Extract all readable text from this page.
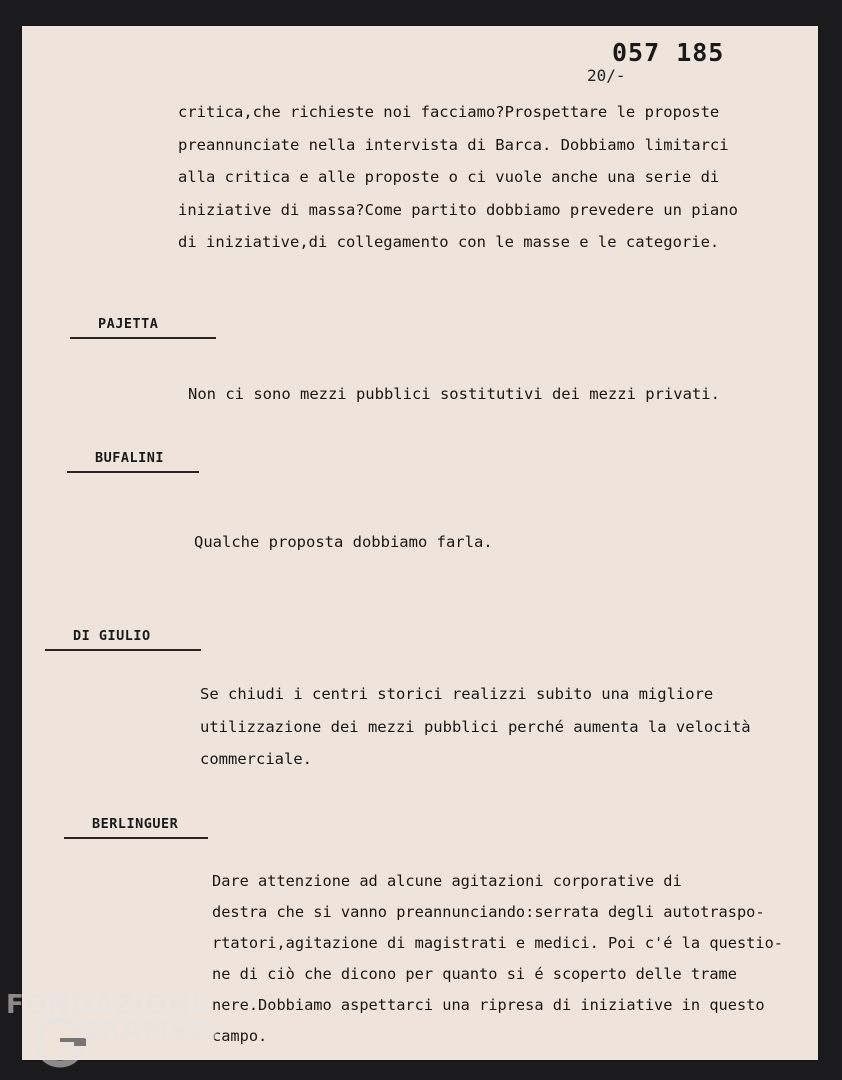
057 185
20/-
critica,che richieste noi facciamo?Prospettare le proposte
preannunciate nella intervista di Barca. Dobbiamo limitarci
alla critica e alle proposte o ci vuole anche una serie di
iniziative di massa?Come partito dobbiamo prevedere un piano
di iniziative,di collegamento con le masse e le categorie.
PAJETTA
Non ci sono mezzi pubblici sostitutivi dei mezzi privati.
BUFALINI
Qualche proposta dobbiamo farla.
DI GIULIO
Se chiudi i centri storici realizzi subito una migliore
utilizzazione dei mezzi pubblici perché aumenta la velocità
commerciale.
BERLINGUER
Dare attenzione ad alcune agitazioni corporative di
destra che si vanno preannunciando:serrata degli autotraspo-
rtatori,agitazione di magistrati e medici. Poi c'é la questio-
ne di ciò che dicono per quanto si é scoperto delle trame
nere.Dobbiamo aspettarci una ripresa di iniziative in questo
campo.
FONDAZIONE
GRAMSCI
onlus
